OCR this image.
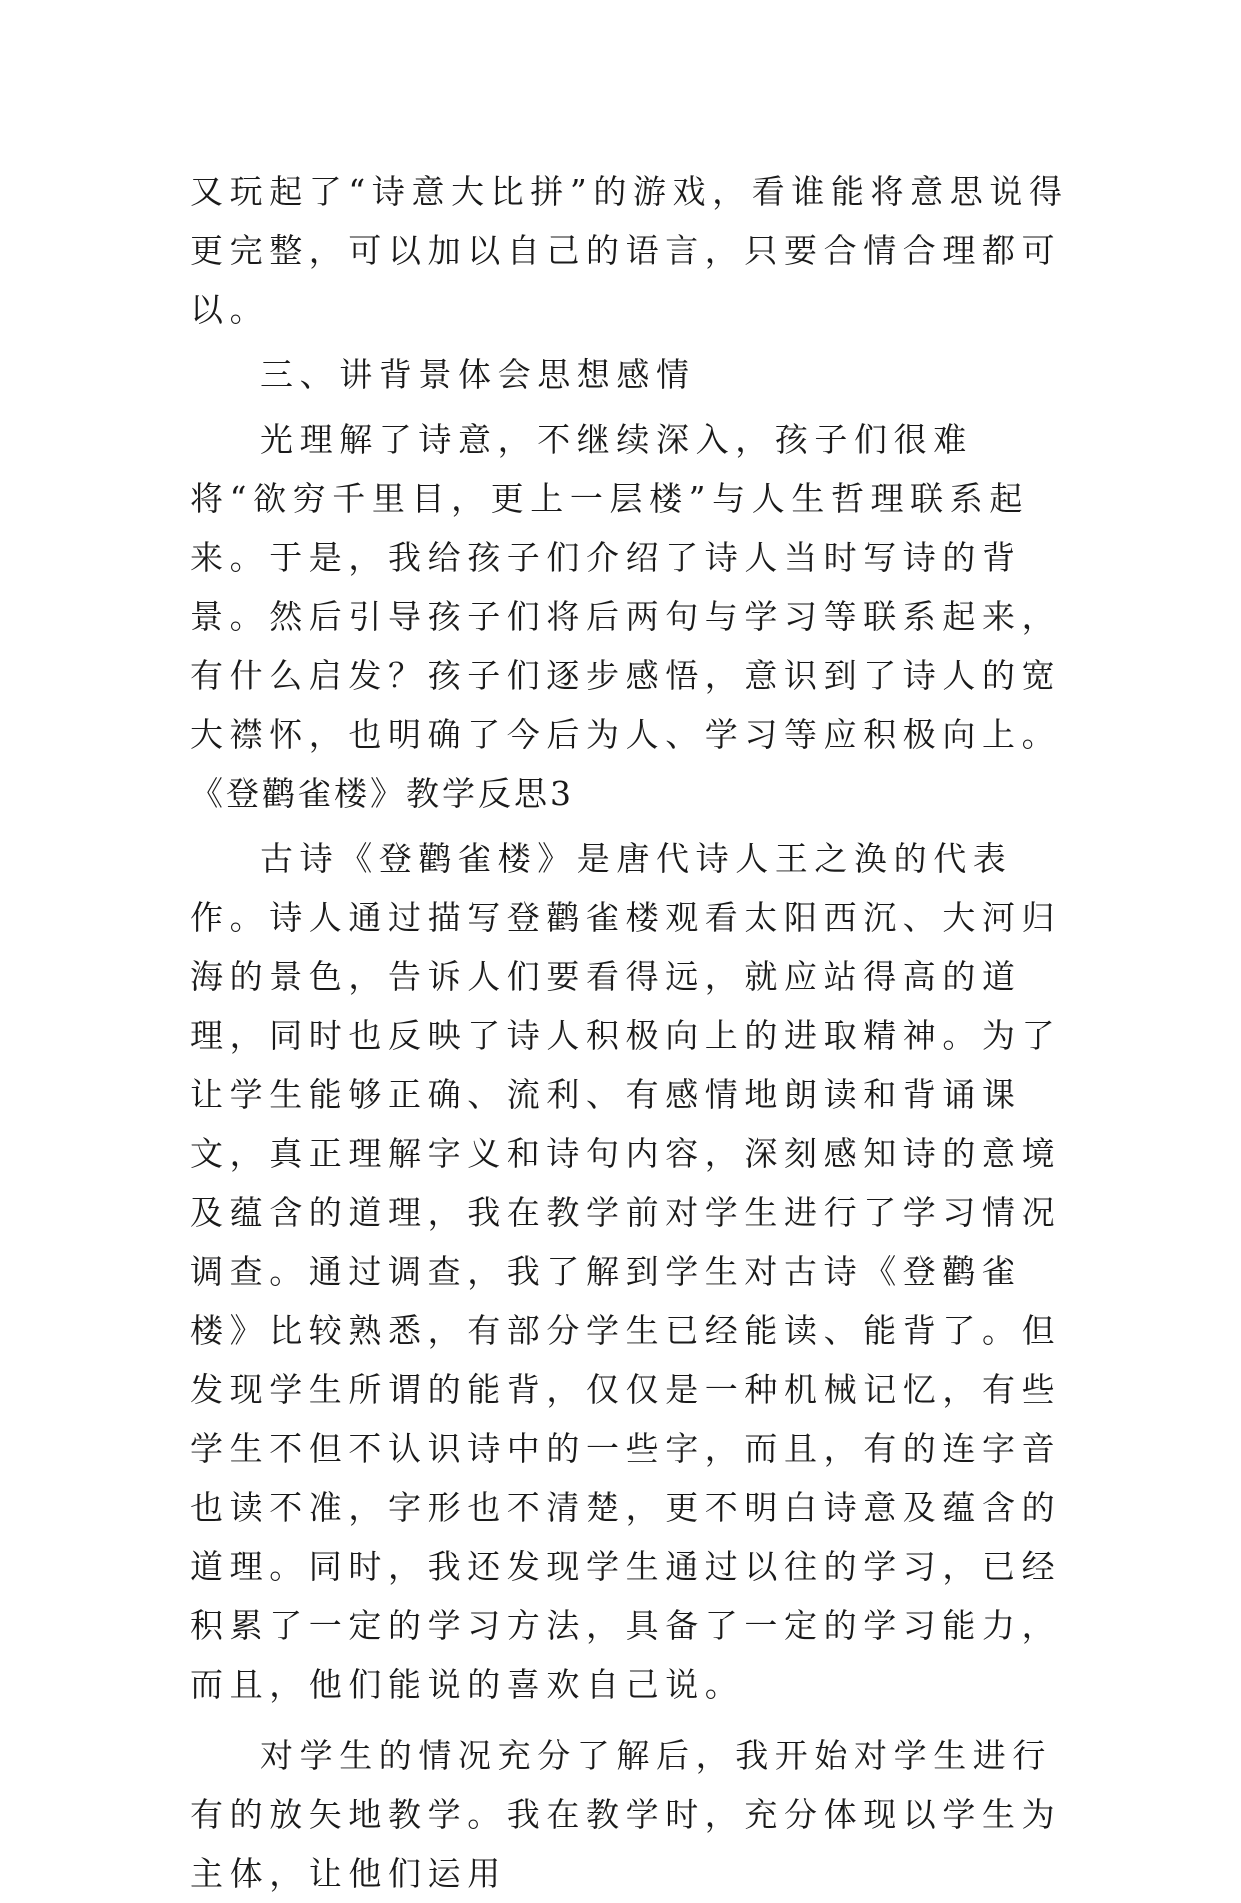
又玩起了“诗意大比拼”的游戏，看谁能将意思说得更完整，可以加以自己的语言，只要合情合理都可以。

三、讲背景体会思想感情

光理解了诗意，不继续深入，孩子们很难将“欲穷千里目，更上一层楼”与人生哲理联系起来。于是，我给孩子们介绍了诗人当时写诗的背景。然后引导孩子们将后两句与学习等联系起来，有什么启发？孩子们逐步感悟，意识到了诗人的宽大襟怀，也明确了今后为人、学习等应积极向上。

《登鹳雀楼》教学反思3

古诗《登鹳雀楼》是唐代诗人王之涣的代表作。诗人通过描写登鹳雀楼观看太阳西沉、大河归海的景色，告诉人们要看得远，就应站得高的道理，同时也反映了诗人积极向上的进取精神。为了让学生能够正确、流利、有感情地朗读和背诵课文，真正理解字义和诗句内容，深刻感知诗的意境及蕴含的道理，我在教学前对学生进行了学习情况调查。通过调查，我了解到学生对古诗《登鹳雀楼》比较熟悉，有部分学生已经能读、能背了。但发现学生所谓的能背，仅仅是一种机械记忆，有些学生不但不认识诗中的一些字，而且，有的连字音也读不准，字形也不清楚，更不明白诗意及蕴含的道理。同时，我还发现学生通过以往的学习，已经积累了一定的学习方法，具备了一定的学习能力，而且，他们能说的喜欢自己说。

对学生的情况充分了解后，我开始对学生进行有的放矢地教学。我在教学时，充分体现以学生为主体，让他们运用
